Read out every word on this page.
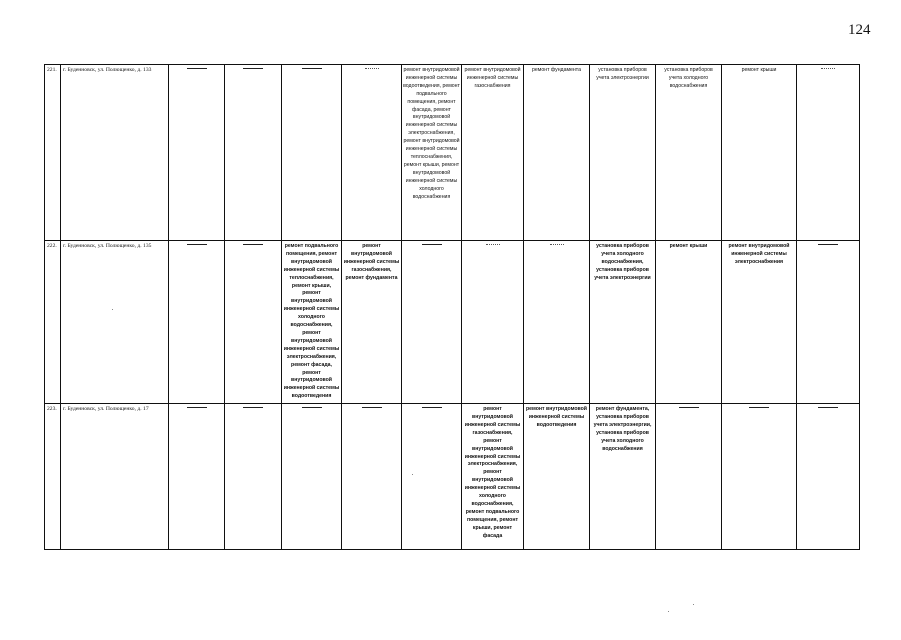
124
221.	г. Буденновск, ул. Полющенко, д. 133					ремонт внутридомовой инженерной системы водоотведения, ремонт подвального помещения, ремонт фасада, ремонт внутридомовой инженерной системы электроснабжения, ремонт внутридомовой инженерной системы теплоснабжения, ремонт крыши, ремонт внутридомовой инженерной системы холодного водоснабжения	ремонт внутридомовой инженерной системы газоснабжения	ремонт фундамента	установка приборов учета электроэнергии	установка приборов учета холодного водоснабжения	ремонт крыши	

222.	г. Буденновск, ул. Полющенко, д. 135			ремонт подвального помещения, ремонт внутридомовой инженерной системы теплоснабжения, ремонт крыши, ремонт внутридомовой инженерной системы холодного водоснабжения, ремонт внутридомовой инженерной системы электроснабжения, ремонт фасада, ремонт внутридомовой инженерной системы водоотведения	ремонт внутридомовой инженерной системы газоснабжения, ремонт фундамента				установка приборов учета холодного водоснабжения, установка приборов учета электроэнергии	ремонт крыши	ремонт внутридомовой инженерной системы электроснабжения	

223.	г. Буденновск, ул. Полющенко, д. 17						ремонт внутридомовой инженерной системы газоснабжения, ремонт внутридомовой инженерной системы электроснабжения, ремонт внутридомовой инженерной системы холодного водоснабжения, ремонт подвального помещения, ремонт крыши, ремонт фасада	ремонт внутридомовой инженерной системы водоотведения	ремонт фундамента, установка приборов учета электроэнергии, установка приборов учета холодного водоснабжения	
